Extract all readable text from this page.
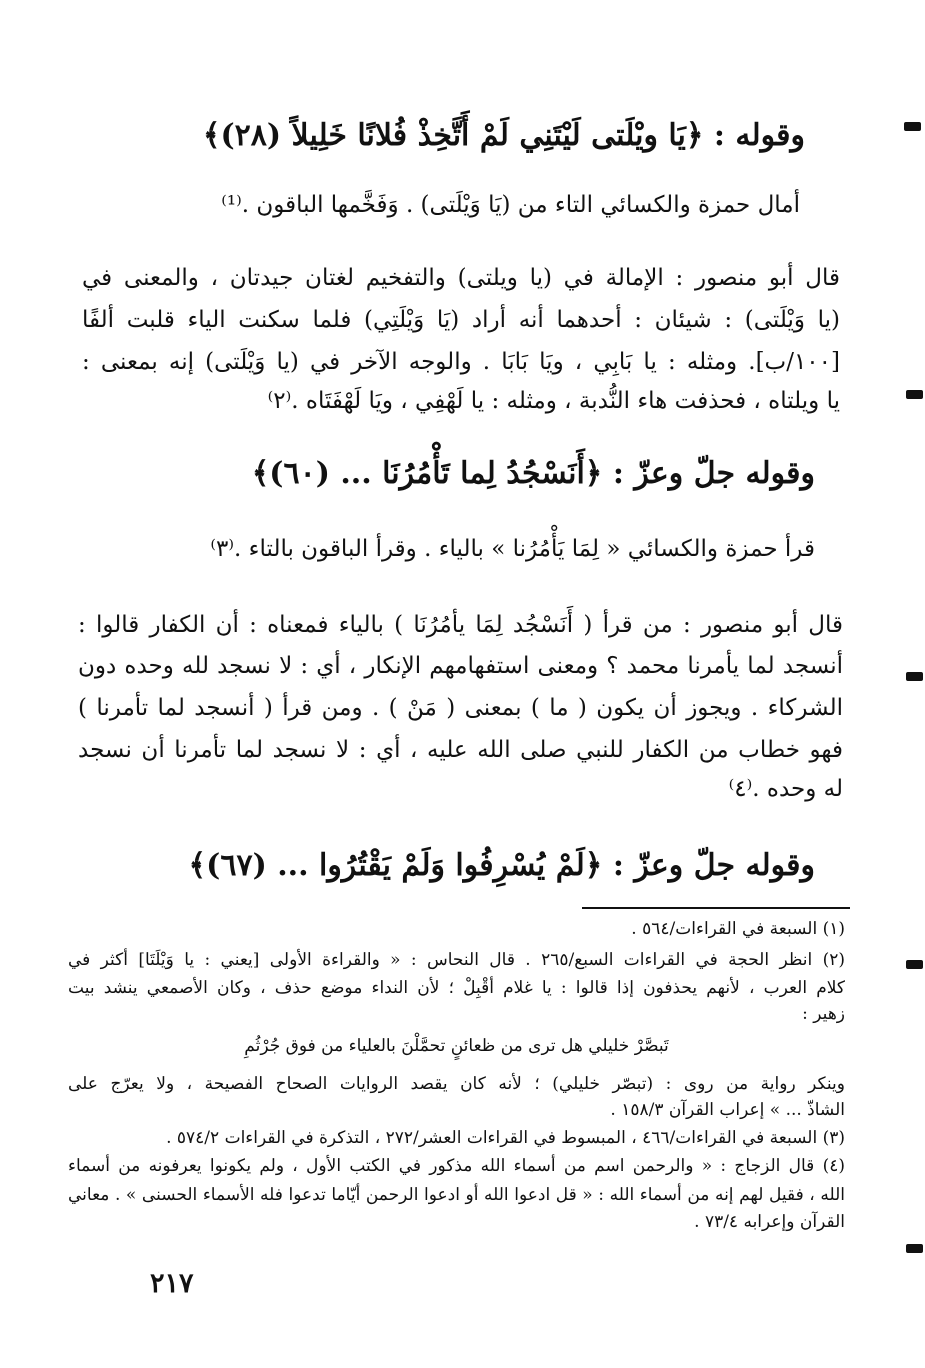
وقوله : ﴿يَا ويْلَتى لَيْتَنِي لَمْ أَتَّخِذْ فُلانًا خَلِيلاً (٢٨)﴾
أمال حمزة والكسائي التاء من (يَا وَيْلَتى) . وَفَخَّمها الباقون .⁽¹⁾
قال أبو منصور : الإمالة في (يا ويلتى) والتفخيم لغتان جيدتان ، والمعنى في
(يا وَيْلَتى) : شيئان : أحدهما أنه أراد (يَا وَيْلَتِي) فلما سكنت الياء قلبت ألفًا
[١٠٠/ب]. ومثله : يا بَابِي ، ويَا بَابَا . والوجه الآخر في (يا وَيْلَتى) إنه بمعنى :
يا ويلتاه ، فحذفت هاء النُّدبة ، ومثله : يا لَهْفِي ، ويَا لَهْفَتَاه .⁽٢⁾
وقوله جلّ وعزّ : ﴿أَنَسْجُدُ لِما تَأْمُرُنَا ... (٦٠)﴾
قرأ حمزة والكسائي « لِمَا يَأْمُرُنا » بالياء . وقرأ الباقون بالتاء .⁽٣⁾
قال أبو منصور : من قرأ ( أَنَسْجُد لِمَا يأمُرُنَا ) بالياء فمعناه : أن الكفار قالوا :
أنسجد لما يأمرنا محمد ؟ ومعنى استفهامهم الإنكار ، أي : لا نسجد لله وحده دون
الشركاء . ويجوز أن يكون ( ما ) بمعنى ( مَنْ ) . ومن قرأ ( أنسجد لما تأمرنا )
فهو خطاب من الكفار للنبي صلى الله عليه ، أي : لا نسجد لما تأمرنا أن نسجد
له وحده .⁽٤⁾
وقوله جلّ وعزّ : ﴿لَمْ يُسْرِفُوا وَلَمْ يَقْتُرُوا ... (٦٧)﴾
(١) السبعة في القراءات/٥٦٤ .
(٢) انظر الحجة في القراءات السبع/٢٦٥ . قال النحاس : « والقراءة الأولى [يعني : يا وَيْلَتَا] أكثر في
كلام العرب ، لأنهم يحذفون إذا قالوا : يا غلام أقْبِلْ ؛ لأن النداء موضع حذف ، وكان الأصمعي ينشد بيت
زهير :
تَبصَّرْ خليلي هل ترى من ظعائنٍ تحمَّلْنَ بالعلياء من فوق جُرْثُمِ
وينكر رواية من روى : (تبصّر خليلي) ؛ لأنه كان يقصد الروايات الصحاح الفصيحة ، ولا يعرّج على
الشاذّ ... » إعراب القرآن ١٥٨/٣ .
(٣) السبعة في القراءات/٤٦٦ ، المبسوط في القراءات العشر/٢٧٢ ، التذكرة في القراءات ٥٧٤/٢ .
(٤) قال الزجاج : « والرحمن اسم من أسماء الله مذكور في الكتب الأول ، ولم يكونوا يعرفونه من أسماء
الله ، فقيل لهم إنه من أسماء الله : « قل ادعوا الله أو ادعوا الرحمن أيّاما تدعوا فله الأسماء الحسنى » . معاني
القرآن وإعرابه ٧٣/٤ .
٢١٧
